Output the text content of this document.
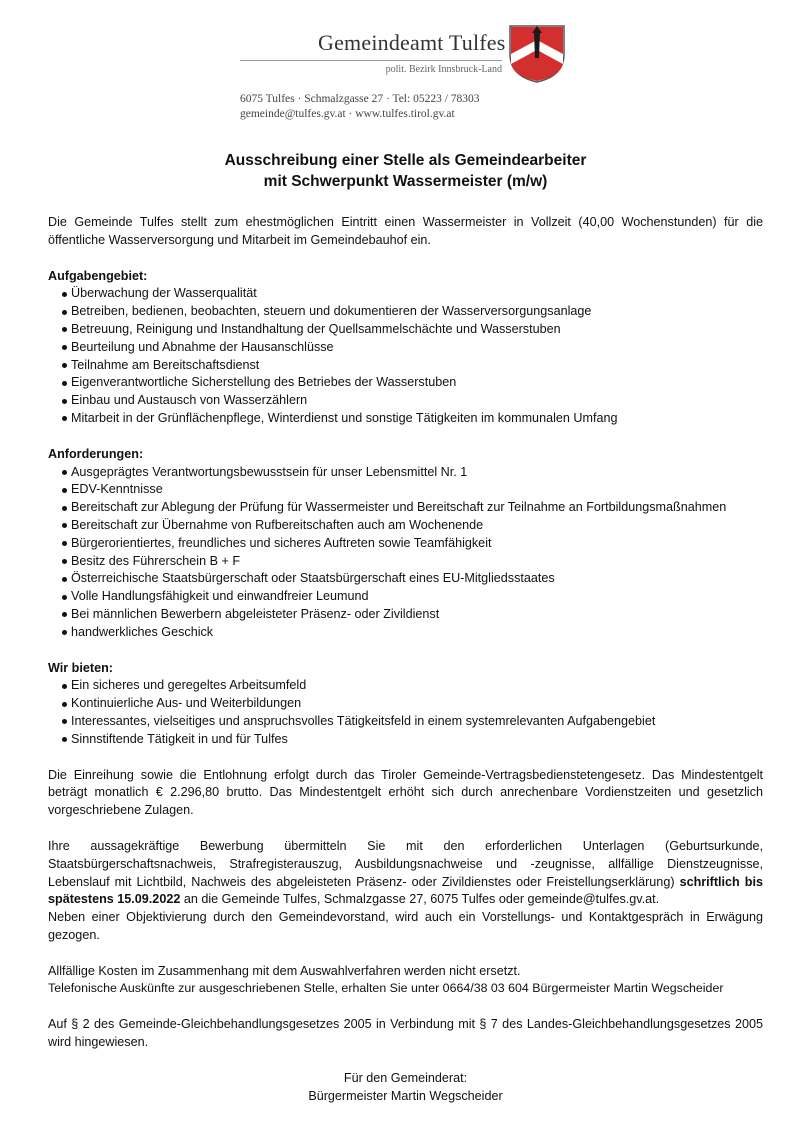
Gemeindeamt Tulfes
polit. Bezirk Innsbruck-Land
6075 Tulfes · Schmalzgasse 27 · Tel: 05223 / 78303
gemeinde@tulfes.gv.at · www.tulfes.tirol.gv.at
Ausschreibung einer Stelle als Gemeindearbeiter
mit Schwerpunkt Wassermeister (m/w)

Die Gemeinde Tulfes stellt zum ehestmöglichen Eintritt einen Wassermeister in Vollzeit (40,00 Wochenstunden) für die öffentliche Wasserversorgung und Mitarbeit im Gemeindebauhof ein.

Aufgabengebiet:
Überwachung der Wasserqualität
Betreiben, bedienen, beobachten, steuern und dokumentieren der Wasserversorgungsanlage
Betreuung, Reinigung und Instandhaltung der Quellsammelschächte und Wasserstuben
Beurteilung und Abnahme der Hausanschlüsse
Teilnahme am Bereitschaftsdienst
Eigenverantwortliche Sicherstellung des Betriebes der Wasserstuben
Einbau und Austausch von Wasserzählern
Mitarbeit in der Grünflächenpflege, Winterdienst und sonstige Tätigkeiten im kommunalen Umfang
Anforderungen:
Ausgeprägtes Verantwortungsbewusstsein für unser Lebensmittel Nr. 1
EDV-Kenntnisse
Bereitschaft zur Ablegung der Prüfung für Wassermeister und Bereitschaft zur Teilnahme an Fortbildungsmaßnahmen
Bereitschaft zur Übernahme von Rufbereitschaften auch am Wochenende
Bürgerorientiertes, freundliches und sicheres Auftreten sowie Teamfähigkeit
Besitz des Führerschein B + F
Österreichische Staatsbürgerschaft oder Staatsbürgerschaft eines EU-Mitgliedsstaates
Volle Handlungsfähigkeit und einwandfreier Leumund
Bei männlichen Bewerbern abgeleisteter Präsenz- oder Zivildienst
handwerkliches Geschick
Wir bieten:
Ein sicheres und geregeltes Arbeitsumfeld
Kontinuierliche Aus- und Weiterbildungen
Interessantes, vielseitiges und anspruchsvolles Tätigkeitsfeld in einem systemrelevanten Aufgabengebiet
Sinnstiftende Tätigkeit in und für Tulfes

Die Einreihung sowie die Entlohnung erfolgt durch das Tiroler Gemeinde-Vertragsbedienstetengesetz. Das Mindestentgelt beträgt monatlich € 2.296,80 brutto. Das Mindestentgelt erhöht sich durch anrechenbare Vordienstzeiten und gesetzlich vorgeschriebene Zulagen.

Ihre aussagekräftige Bewerbung übermitteln Sie mit den erforderlichen Unterlagen (Geburtsurkunde, Staatsbürgerschaftsnachweis, Strafregisterauszug, Ausbildungsnachweise und -zeugnisse, allfällige Dienstzeugnisse, Lebenslauf mit Lichtbild, Nachweis des abgeleisteten Präsenz- oder Zivildienstes oder Freistellungserklärung) schriftlich bis spätestens 15.09.2022 an die Gemeinde Tulfes, Schmalzgasse 27, 6075 Tulfes oder gemeinde@tulfes.gv.at.

Neben einer Objektivierung durch den Gemeindevorstand, wird auch ein Vorstellungs- und Kontaktgespräch in Erwägung gezogen.

Allfällige Kosten im Zusammenhang mit dem Auswahlverfahren werden nicht ersetzt.

Telefonische Auskünfte zur ausgeschriebenen Stelle, erhalten Sie unter 0664/38 03 604 Bürgermeister Martin Wegscheider

Auf § 2 des Gemeinde-Gleichbehandlungsgesetzes 2005 in Verbindung mit § 7 des Landes-Gleichbehandlungsgesetzes 2005 wird hingewiesen.

Für den Gemeinderat:
Bürgermeister Martin Wegscheider
